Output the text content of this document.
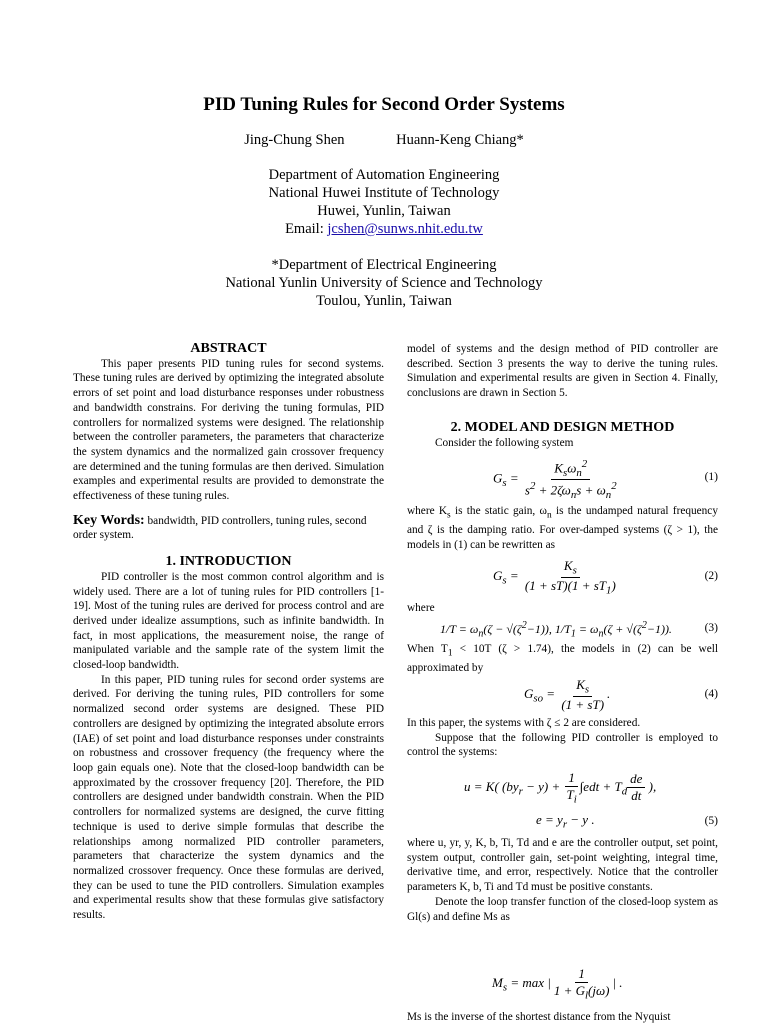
PID Tuning Rules for Second Order Systems
Jing-Chung Shen	Huann-Keng Chiang*
Department of Automation Engineering
National Huwei Institute of Technology
Huwei, Yunlin, Taiwan
Email: jcshen@sunws.nhit.edu.tw
*Department of Electrical Engineering
National Yunlin University of Science and Technology
Toulou, Yunlin, Taiwan
ABSTRACT

This paper presents PID tuning rules for second systems. These tuning rules are derived by optimizing the integrated absolute errors of set point and load disturbance responses under robustness and bandwidth constrains. For deriving the tuning formulas, PID controllers for normalized systems were designed. The relationship between the controller parameters, the parameters that characterize the system dynamics and the normalized gain crossover frequency are determined and the tuning formulas are then derived. Simulation examples and experimental results are provided to demonstrate the effectiveness of these tuning rules.

Key Words: bandwidth, PID controllers, tuning rules, second order system.

1. INTRODUCTION

PID controller is the most common control algorithm and is widely used. There are a lot of tuning rules for PID controllers [1-19]. Most of the tuning rules are derived for process control and are derived under idealize assumptions, such as infinite bandwidth. In fact, in most applications, the measurement noise, the range of manipulated variable and the sample rate of the system limit the closed-loop bandwidth.

In this paper, PID tuning rules for second order systems are derived. For deriving the tuning rules, PID controllers for some normalized second order systems are designed. These PID controllers are designed by optimizing the integrated absolute errors (IAE) of set point and load disturbance responses under constraints on robustness and crossover frequency (the frequency where the loop gain equals one). Note that the closed-loop bandwidth can be approximated by the crossover frequency [20]. Therefore, the PID controllers are designed under bandwidth constrain. When the PID controllers for normalized systems are designed, the curve fitting technique is used to derive simple formulas that describe the relationships among normalized PID controller parameters, parameters that characterize the system dynamics and the normalized crossover frequency. Once these formulas are derived, they can be used to tune the PID controllers. Simulation examples and experimental results show that these formulas give satisfactory results.

model of systems and the design method of PID controller are described. Section 3 presents the way to derive the tuning rules. Simulation and experimental results are given in Section 4. Finally, conclusions are drawn in Section 5.

2. MODEL AND DESIGN METHOD

Consider the following system

$G_s = \frac{K_s\omega_n^2}{s^2 + 2\zeta\omega_ns + \omega_n^2}$	(1)

where $K_s$ is the static gain, $\omega_n$ is the undamped natural frequency and ζ is the damping ratio. For over-damped systems (ζ > 1), the models in (1) can be rewritten as

$G_s = \frac{K_s}{(1 + sT)(1 + sT_1)}$	(2)
where
$1/T = \omega_n(\zeta - √(\zeta^2-1))$, $1/T_1 = \omega_n(\zeta + √(\zeta^2-1))$.	(3)

When $T_1 < 10T$ (ζ > 1.74), the models in (2) can be well approximated by

$G_{so} = \frac{K_s}{(1 + sT)}$ .	(4)

In this paper, the systems with ζ ≤ 2 are considered.

Suppose that the following PID controller is employed to control the systems:

u = K( $(by_r - y) + \frac{1}{T_i} \int edt + T_d \frac{de}{dt}$ ),
$e = y_r - y$ .	(5)

where u, yr, y, K, b, Ti, Td and e are the controller output, set point, system output, controller gain, set-point weighting, integral time, derivative time, and error, respectively. Notice that the controller parameters K, b, Ti and Td must be positive constants.

Denote the loop transfer function of the closed-loop system as Gl(s) and define Ms as

$M_s = \max$ | $\frac{1}{1 + G_l(j\omega)}$ | .
Ms is the inverse of the shortest distance from the Nyquist
